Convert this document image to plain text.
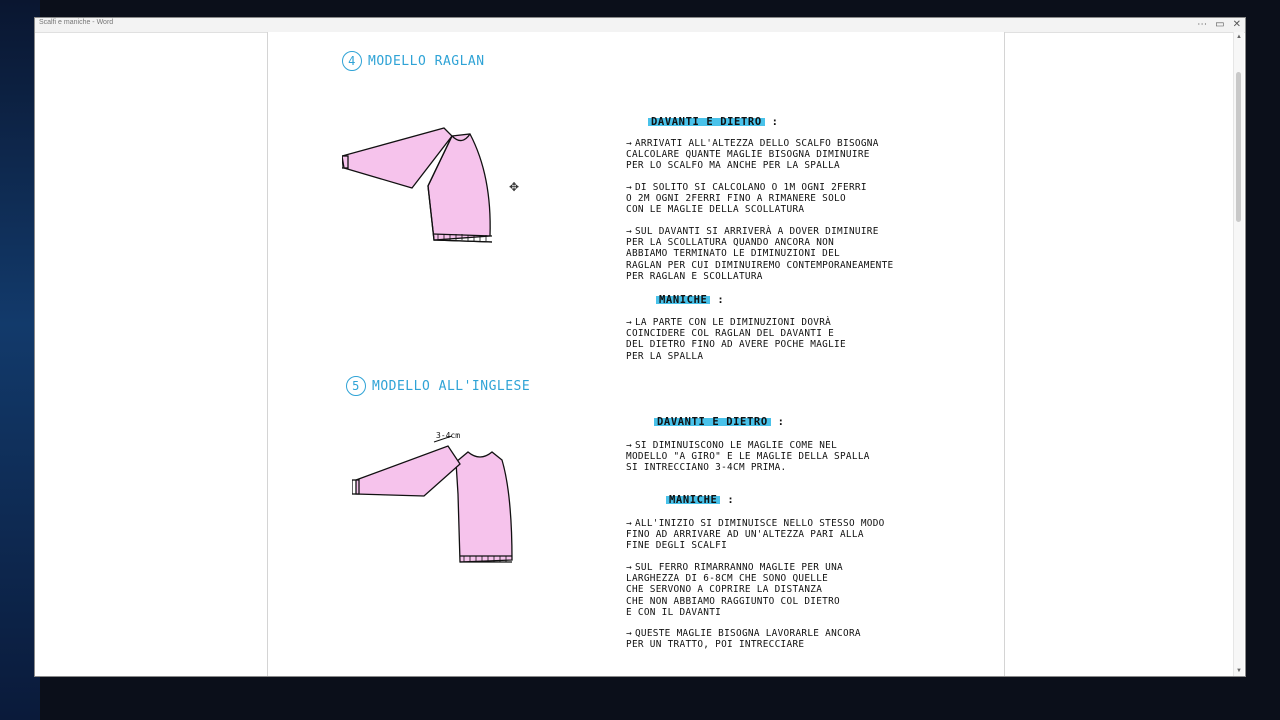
Scalfi e maniche - Word	⋯ ▭ ✕
▲
▼
4 MODELLO RAGLAN
✥
DAVANTI E DIETRO :
→ ARRIVATI ALL'ALTEZZA DELLO SCALFO BISOGNA
CALCOLARE QUANTE MAGLIE BISOGNA DIMINUIRE
PER LO SCALFO MA ANCHE PER LA SPALLA
→ DI SOLITO SI CALCOLANO O 1M OGNI 2FERRI
O 2M OGNI 2FERRI FINO A RIMANERE SOLO
CON LE MAGLIE DELLA SCOLLATURA
→ SUL DAVANTI SI ARRIVERÀ A DOVER DIMINUIRE
PER LA SCOLLATURA QUANDO ANCORA NON
ABBIAMO TERMINATO LE DIMINUZIONI DEL
RAGLAN PER CUI DIMINUIREMO CONTEMPORANEAMENTE
PER RAGLAN E SCOLLATURA
MANICHE :
→ LA PARTE CON LE DIMINUZIONI DOVRÀ
COINCIDERE COL RAGLAN DEL DAVANTI E
DEL DIETRO FINO AD AVERE POCHE MAGLIE
PER LA SPALLA
5 MODELLO ALL'INGLESE
3-4cm
DAVANTI E DIETRO :
→ SI DIMINUISCONO LE MAGLIE COME NEL
MODELLO "A GIRO" E LE MAGLIE DELLA SPALLA
SI INTRECCIANO 3-4CM PRIMA.
MANICHE :
→ ALL'INIZIO SI DIMINUISCE NELLO STESSO MODO
FINO AD ARRIVARE AD UN'ALTEZZA PARI ALLA
FINE DEGLI SCALFI
→ SUL FERRO RIMARRANNO MAGLIE PER UNA
LARGHEZZA DI 6-8CM CHE SONO QUELLE
CHE SERVONO A COPRIRE LA DISTANZA
CHE NON ABBIAMO RAGGIUNTO COL DIETRO
E CON IL DAVANTI
→ QUESTE MAGLIE BISOGNA LAVORARLE ANCORA
PER UN TRATTO, POI INTRECCIARE
